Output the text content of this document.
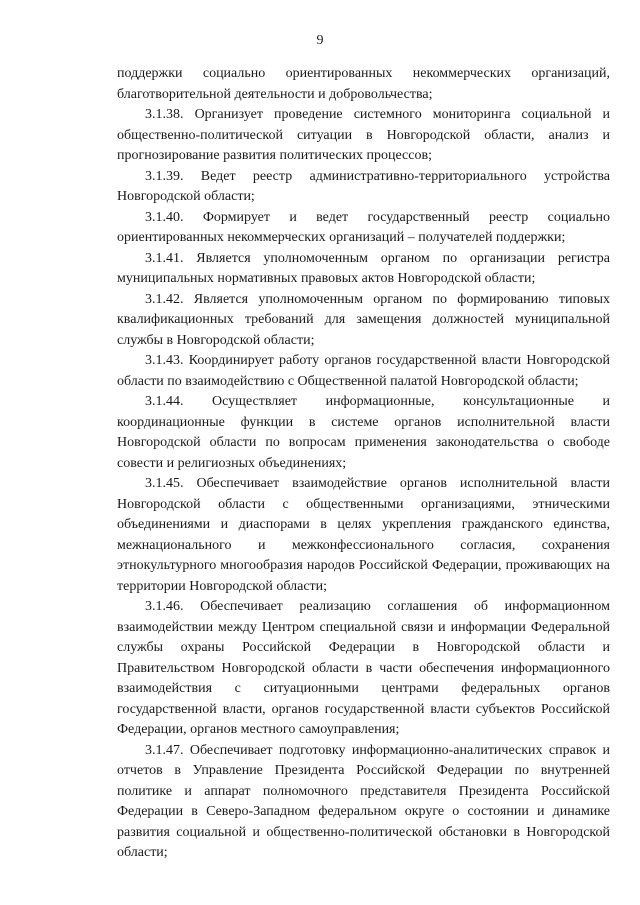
9

поддержки социально ориентированных некоммерческих организаций, благотворительной деятельности и добровольчества;

3.1.38. Организует проведение системного мониторинга социальной и общественно-политической ситуации в Новгородской области, анализ и прогнозирование развития политических процессов;

3.1.39. Ведет реестр административно-территориального устройства Новгородской области;

3.1.40. Формирует и ведет государственный реестр социально ориентированных некоммерческих организаций – получателей поддержки;

3.1.41. Является уполномоченным органом по организации регистра муниципальных нормативных правовых актов Новгородской области;

3.1.42. Является уполномоченным органом по формированию типовых квалификационных требований для замещения должностей муниципальной службы в Новгородской области;

3.1.43. Координирует работу органов государственной власти Новгородской области по взаимодействию с Общественной палатой Новгородской области;

3.1.44. Осуществляет информационные, консультационные и координационные функции в системе органов исполнительной власти Новгородской области по вопросам применения законодательства о свободе совести и религиозных объединениях;

3.1.45. Обеспечивает взаимодействие органов исполнительной власти Новгородской области с общественными организациями, этническими объединениями и диаспорами в целях укрепления гражданского единства, межнационального и межконфессионального согласия, сохранения этнокультурного многообразия народов Российской Федерации, проживающих на территории Новгородской области;

3.1.46. Обеспечивает реализацию соглашения об информационном взаимодействии между Центром специальной связи и информации Федеральной службы охраны Российской Федерации в Новгородской области и Правительством Новгородской области в части обеспечения информационного взаимодействия с ситуационными центрами федеральных органов государственной власти, органов государственной власти субъектов Российской Федерации, органов местного самоуправления;

3.1.47. Обеспечивает подготовку информационно-аналитических справок и отчетов в Управление Президента Российской Федерации по внутренней политике и аппарат полномочного представителя Президента Российской Федерации в Северо-Западном федеральном округе о состоянии и динамике развития социальной и общественно-политической обстановки в Новгородской области;
